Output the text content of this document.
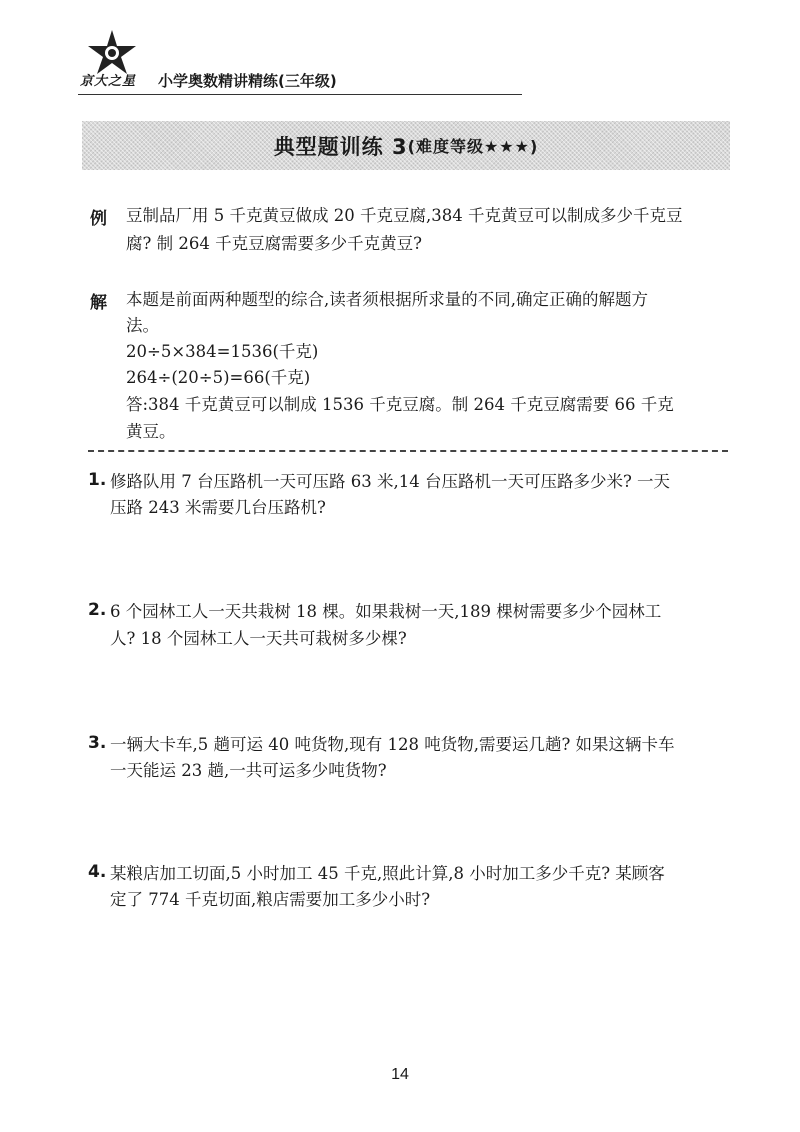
京大之星 小学奥数精讲精练(三年级)
典型题训练 3 (难度等级★★★)
例 豆制品厂用 5 千克黄豆做成 20 千克豆腐,384 千克黄豆可以制成多少千克豆
腐? 制 264 千克豆腐需要多少千克黄豆?
解 本题是前面两种题型的综合,读者须根据所求量的不同,确定正确的解题方
法。
20÷5×384=1536(千克)
264÷(20÷5)=66(千克)
答:384 千克黄豆可以制成 1536 千克豆腐。制 264 千克豆腐需要 66 千克
黄豆。
1. 修路队用 7 台压路机一天可压路 63 米,14 台压路机一天可压路多少米? 一天
压路 243 米需要几台压路机?
2. 6 个园林工人一天共栽树 18 棵。如果栽树一天,189 棵树需要多少个园林工
人? 18 个园林工人一天共可栽树多少棵?
3. 一辆大卡车,5 趟可运 40 吨货物,现有 128 吨货物,需要运几趟? 如果这辆卡车
一天能运 23 趟,一共可运多少吨货物?
4. 某粮店加工切面,5 小时加工 45 千克,照此计算,8 小时加工多少千克? 某顾客
定了 774 千克切面,粮店需要加工多少小时?
14
